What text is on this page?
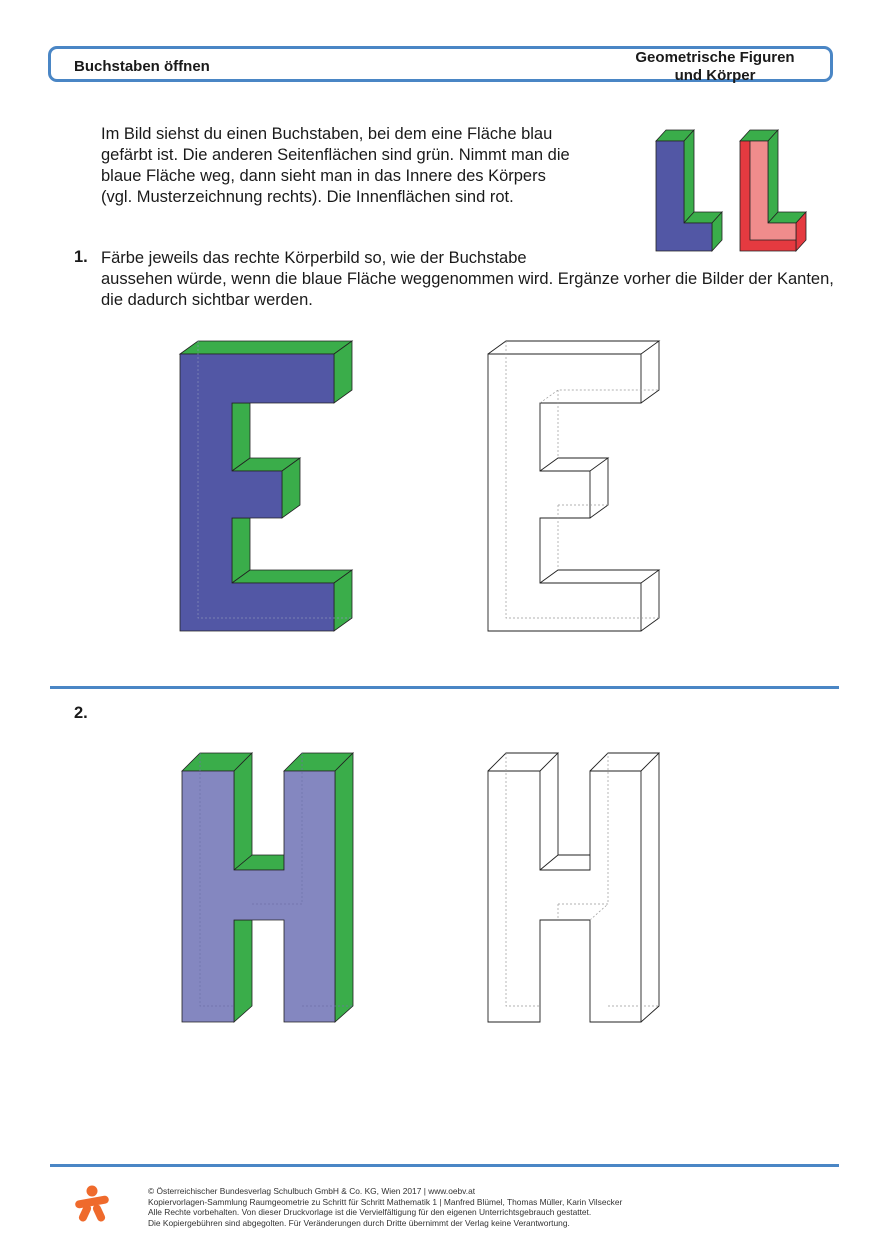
Buchstaben öffnen
Geometrische Figuren
und Körper

Im Bild siehst du einen Buchstaben, bei dem eine Fläche blau gefärbt ist. Die anderen Seitenflächen sind grün. Nimmt man die blaue Fläche weg, dann sieht man in das Innere des Körpers (vgl. Musterzeichnung rechts). Die Innenflächen sind rot.

1. Färbe jeweils das rechte Körperbild so, wie der Buchstabe
aussehen würde, wenn die blaue Fläche weggenommen wird. Ergänze vorher die Bilder der Kanten, die dadurch sichtbar werden.

2.
© Österreichischer Bundesverlag Schulbuch GmbH & Co. KG, Wien 2017 | www.oebv.at
Kopiervorlagen-Sammlung Raumgeometrie zu Schritt für Schritt Mathematik 1 | Manfred Blümel, Thomas Müller, Karin Vilsecker
Alle Rechte vorbehalten. Von dieser Druckvorlage ist die Vervielfältigung für den eigenen Unterrichtsgebrauch gestattet.
Die Kopiergebühren sind abgegolten. Für Veränderungen durch Dritte übernimmt der Verlag keine Verantwortung.
